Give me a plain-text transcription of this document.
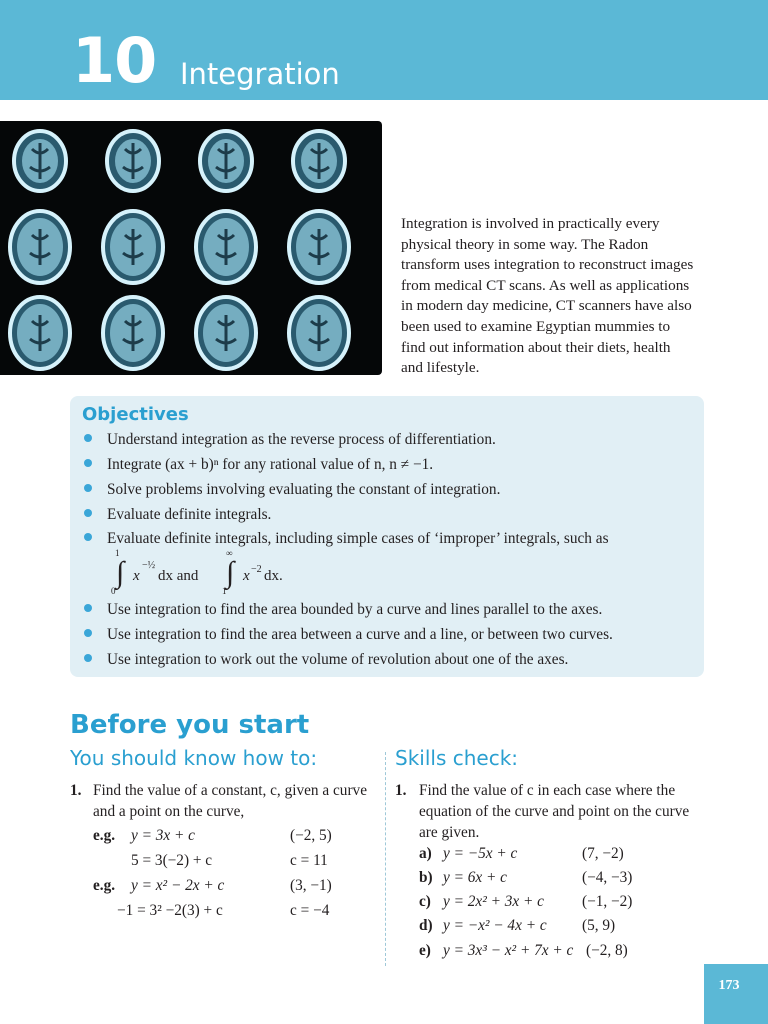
10 Integration
Integration is involved in practically every
physical theory in some way. The Radon
transform uses integration to reconstruct images
from medical CT scans. As well as applications
in modern day medicine, CT scanners have also
been used to examine Egyptian mummies to
find out information about their diets, health
and lifestyle.
Objectives
Understand integration as the reverse process of differentiation.
Integrate (ax + b)ⁿ for any rational value of n, n ≠ −1.
Solve problems involving evaluating the constant of integration.
Evaluate definite integrals.
Evaluate definite integrals, including simple cases of ‘improper’ integrals, such as
∫
1
0
x
−½
dx and ∫
∞
1
x −2 dx.
Use integration to find the area bounded by a curve and lines parallel to the axes.
Use integration to find the area between a curve and a line, or between two curves.
Use integration to work out the volume of revolution about one of the axes.
Before you start
You should know how to:	Skills check:
1. Find the value of a constant, c, given a curve
and a point on the curve,
e.g. y = 3x + c	(−2, 5)
5 = 3(−2) + c	c = 11
e.g. y = x² − 2x + c	(3, −1)
−1 = 3² −2(3) + c	c = −4
1. Find the value of c in each case where the
equation of the curve and point on the curve
are given.
a) y = −5x + c	(7, −2)
b) y = 6x + c	(−4, −3)
c) y = 2x² + 3x + c (−1, −2)
d) y = −x² − 4x + c (5, 9)
e) y = 3x³ − x² + 7x + c (−2, 8)
173
